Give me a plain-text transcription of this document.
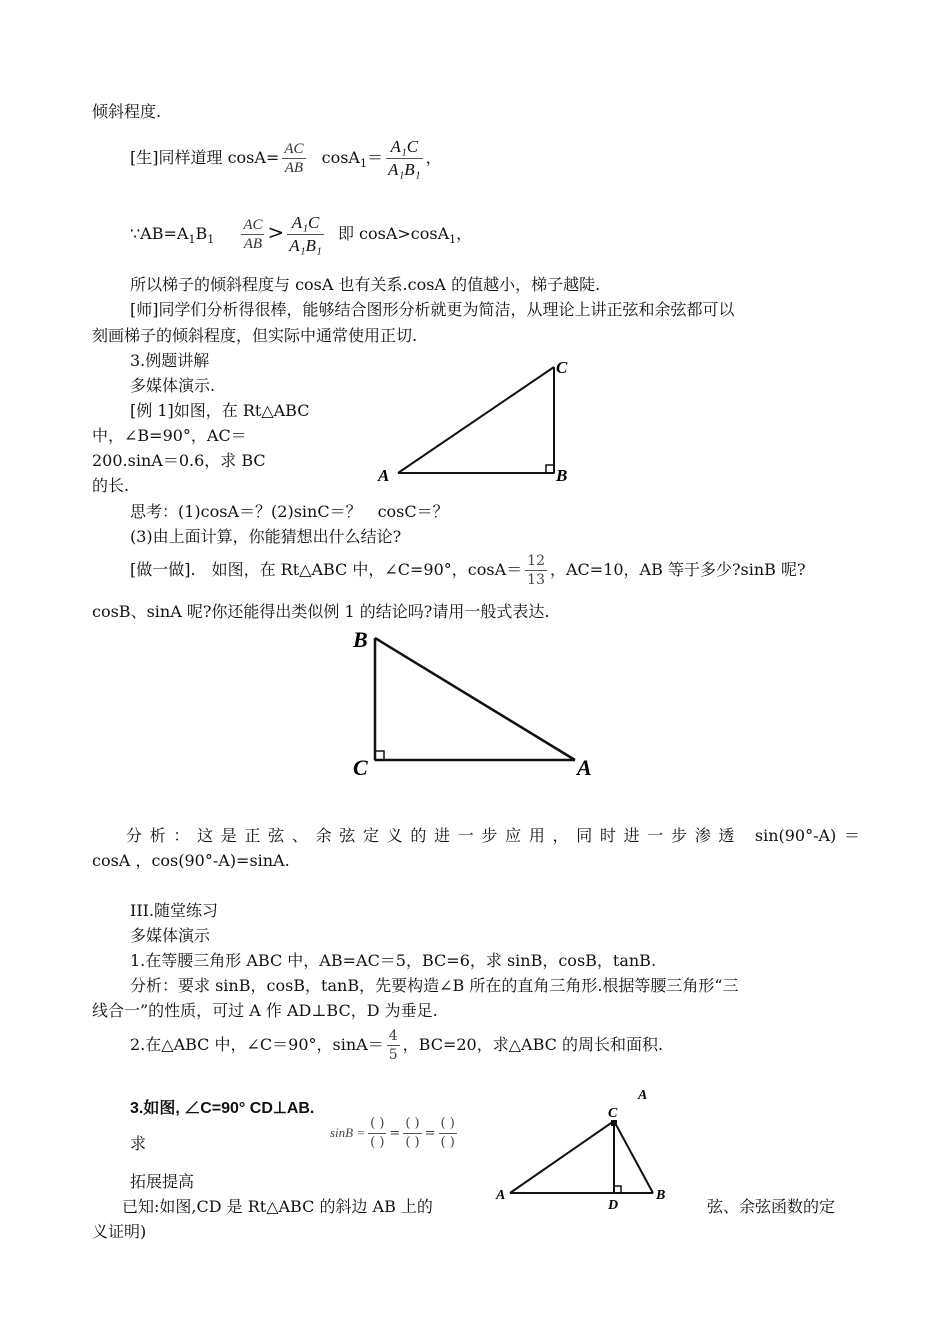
倾斜程度.
[生]同样道理 $\cos A= \frac{AC}{AB} \cos A_1= \frac{\text{A₁C}}{\text{A₁B₁}}$ ，
$\because AB=A_1B_1 \frac{AC}{AB} > \frac{\text{A₁C}}{\text{A₁B₁}}$ 即 cosA>cosA$_1$，
所以梯子的倾斜程度与 cosA 也有关系.cosA 的值越小，梯子越陡.
[师]同学们分析得很棒，能够结合图形分析就更为简洁，从理论上讲正弦和余弦都可以
刻画梯子的倾斜程度，但实际中通常使用正切.
3.例题讲解
多媒体演示.
[例 1]如图，在 Rt△ABC
中，∠B=90°，AC＝
200.sinA＝0.6，求 BC
的长.
A	B
C
思考：(1)cosA＝？(2)sinC＝？　cosC＝？
(3)由上面计算，你能猜想出什么结论?
[做一做].　如图，在 Rt△ABC 中，∠C=90°，$\cos A= \frac{12}{13}$ ，AC=10，AB 等于多少?sinB 呢?
cosB、sinA 呢?你还能得出类似例 1 的结论吗?请用一般式表达.
B
C	A
分析：这是正弦、余弦定义的进一步应用，同时进一步渗透 sin(90°-A)＝
cosA ，cos(90°-A)=sinA.
III.随堂练习
多媒体演示
1.在等腰三角形 ABC 中，AB=AC＝5，BC=6，求 sinB，cosB，tanB.
分析：要求 sinB，cosB，tanB，先要构造∠B 所在的直角三角形.根据等腰三角形“三
线合一”的性质，可过 A 作 AD⊥BC，D 为垂足.
2.在△ABC 中，∠C＝90°，$\sin A= \frac{4}{5}$ ，BC=20，求△ABC 的周长和面积.
3.如图, ∠C=90° CD⊥AB.
求
$\sin B = \frac{( )}{( )} = \frac{( )}{( )} = \frac{( )}{( )}$
拓展提高
已知:如图,CD 是 Rt△ABC 的斜边 AB 上的	弦、余弦函数的定
义证明)
A
C
A	B
D
